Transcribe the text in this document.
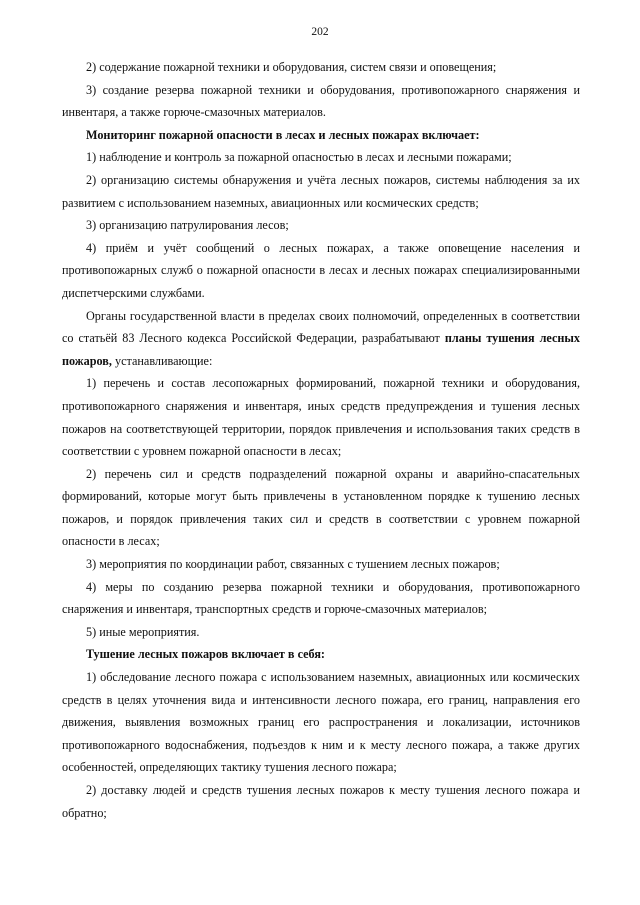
202

2) содержание пожарной техники и оборудования, систем связи и оповещения;

3) создание резерва пожарной техники и оборудования, противопожарного снаряжения и инвентаря, а также горюче-смазочных материалов.

Мониторинг пожарной опасности в лесах и лесных пожарах включает:

1) наблюдение и контроль за пожарной опасностью в лесах и лесными пожарами;

2) организацию системы обнаружения и учёта лесных пожаров, системы наблюдения за их развитием с использованием наземных, авиационных или космических средств;

3) организацию патрулирования лесов;

4) приём и учёт сообщений о лесных пожарах, а также оповещение населения и противопожарных служб о пожарной опасности в лесах и лесных пожарах специализированными диспетчерскими службами.

Органы государственной власти в пределах своих полномочий, определенных в соответствии со статьёй 83 Лесного кодекса Российской Федерации, разрабатывают планы тушения лесных пожаров, устанавливающие:

1) перечень и состав лесопожарных формирований, пожарной техники и оборудования, противопожарного снаряжения и инвентаря, иных средств предупреждения и тушения лесных пожаров на соответствующей территории, порядок привлечения и использования таких средств в соответствии с уровнем пожарной опасности в лесах;

2) перечень сил и средств подразделений пожарной охраны и аварийно-спасательных формирований, которые могут быть привлечены в установленном порядке к тушению лесных пожаров, и порядок привлечения таких сил и средств в соответствии с уровнем пожарной опасности в лесах;

3) мероприятия по координации работ, связанных с тушением лесных пожаров;

4) меры по созданию резерва пожарной техники и оборудования, противопожарного снаряжения и инвентаря, транспортных средств и горюче-смазочных материалов;

5) иные мероприятия.

Тушение лесных пожаров включает в себя:

1) обследование лесного пожара с использованием наземных, авиационных или космических средств в целях уточнения вида и интенсивности лесного пожара, его границ, направления его движения, выявления возможных границ его распространения и локализации, источников противопожарного водоснабжения, подъездов к ним и к месту лесного пожара, а также других особенностей, определяющих тактику тушения лесного пожара;

2) доставку людей и средств тушения лесных пожаров к месту тушения лесного пожара и обратно;
